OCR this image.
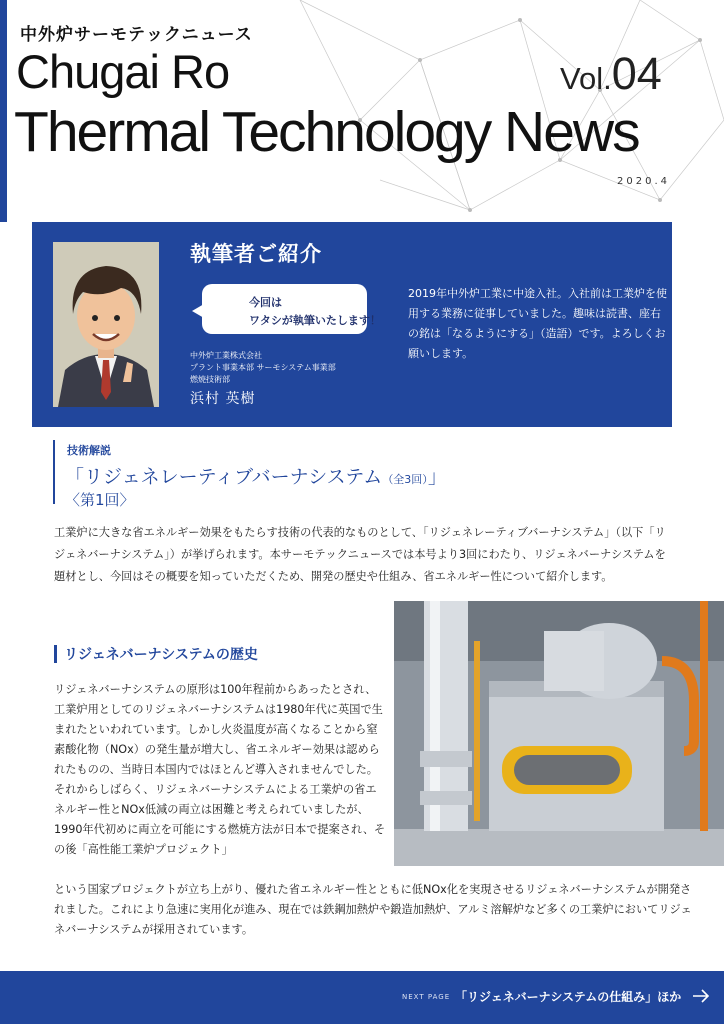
中外炉サーモテックニュース
Chugai Ro
Thermal Technology News
Vol.04
2020.4
執筆者ご紹介
今回は
ワタシが執筆いたします！
中外炉工業株式会社
プラント事業本部 サーモシステム事業部
燃焼技術部
浜村 英樹
2019年中外炉工業に中途入社。入社前は工業炉を使用する業務に従事していました。趣味は読書、座右の銘は「なるようにする」（造語）です。よろしくお願いします。
技術解説
「リジェネレーティブバーナシステム（全3回）」
〈第1回〉
工業炉に大きな省エネルギー効果をもたらす技術の代表的なものとして、「リジェネレーティブバーナシステム」（以下「リジェネバーナシステム」）が挙げられます。本サーモテックニュースでは本号より3回にわたり、リジェネバーナシステムを題材とし、今回はその概要を知っていただくため、開発の歴史や仕組み、省エネルギー性について紹介します。
リジェネバーナシステムの歴史
リジェネバーナシステムの原形は100年程前からあったとされ、工業炉用としてのリジェネバーナシステムは1980年代に英国で生まれたといわれています。しかし火炎温度が高くなることから窒素酸化物（NOx）の発生量が増大し、省エネルギー効果は認められたものの、当時日本国内ではほとんど導入されませんでした。それからしばらく、リジェネバーナシステムによる工業炉の省エネルギー性とNOx低減の両立は困難と考えられていましたが、1990年代初めに両立を可能にする燃焼方法が日本で提案され、その後「高性能工業炉プロジェクト」
という国家プロジェクトが立ち上がり、優れた省エネルギー性とともに低NOx化を実現させるリジェネバーナシステムが開発されました。これにより急速に実用化が進み、現在では鉄鋼加熱炉や鍛造加熱炉、アルミ溶解炉など多くの工業炉においてリジェネバーナシステムが採用されています。
NEXT PAGE 「リジェネバーナシステムの仕組み」ほか
